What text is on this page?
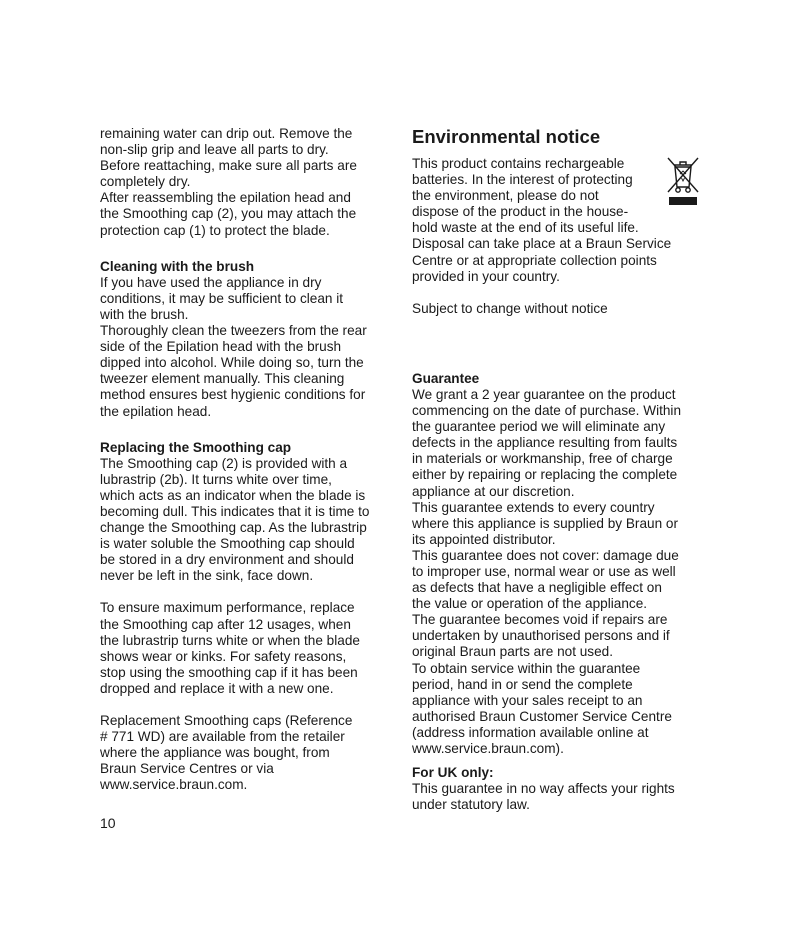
remaining water can drip out. Remove the
non-slip grip and leave all parts to dry.
Before reattaching, make sure all parts are
completely dry.
After reassembling the epilation head and
the Smoothing cap (2), you may attach the
protection cap (1) to protect the blade.

Cleaning with the brush

If you have used the appliance in dry
conditions, it may be sufficient to clean it
with the brush.
Thoroughly clean the tweezers from the rear
side of the Epilation head with the brush
dipped into alcohol. While doing so, turn the
tweezer element manually. This cleaning
method ensures best hygienic conditions for
the epilation head.

Replacing the Smoothing cap

The Smoothing cap (2) is provided with a
lubrastrip (2b). It turns white over time,
which acts as an indicator when the blade is
becoming dull. This indicates that it is time to
change the Smoothing cap. As the lubrastrip
is water soluble the Smoothing cap should
be stored in a dry environment and should
never be left in the sink, face down.

To ensure maximum performance, replace
the Smoothing cap after 12 usages, when
the lubrastrip turns white or when the blade
shows wear or kinks. For safety reasons,
stop using the smoothing cap if it has been
dropped and replace it with a new one.

Replacement Smoothing caps (Reference
# 771 WD) are available from the retailer
where the appliance was bought, from
Braun Service Centres or via
www.service.braun.com.

Environmental notice

This product contains rechargeable
batteries. In the interest of protecting
the environment, please do not
dispose of the product in the house-
hold waste at the end of its useful life.
Disposal can take place at a Braun Service
Centre or at appropriate collection points
provided in your country.

Subject to change without notice

Guarantee

We grant a 2 year guarantee on the product
commencing on the date of purchase. Within
the guarantee period we will eliminate any
defects in the appliance resulting from faults
in materials or workmanship, free of charge
either by repairing or replacing the complete
appliance at our discretion.
This guarantee extends to every country
where this appliance is supplied by Braun or
its appointed distributor.
This guarantee does not cover: damage due
to improper use, normal wear or use as well
as defects that have a negligible effect on
the value or operation of the appliance.
The guarantee becomes void if repairs are
undertaken by unauthorised persons and if
original Braun parts are not used.
To obtain service within the guarantee
period, hand in or send the complete
appliance with your sales receipt to an
authorised Braun Customer Service Centre
(address information available online at
www.service.braun.com).

For UK only:

This guarantee in no way affects your rights
under statutory law.

10
